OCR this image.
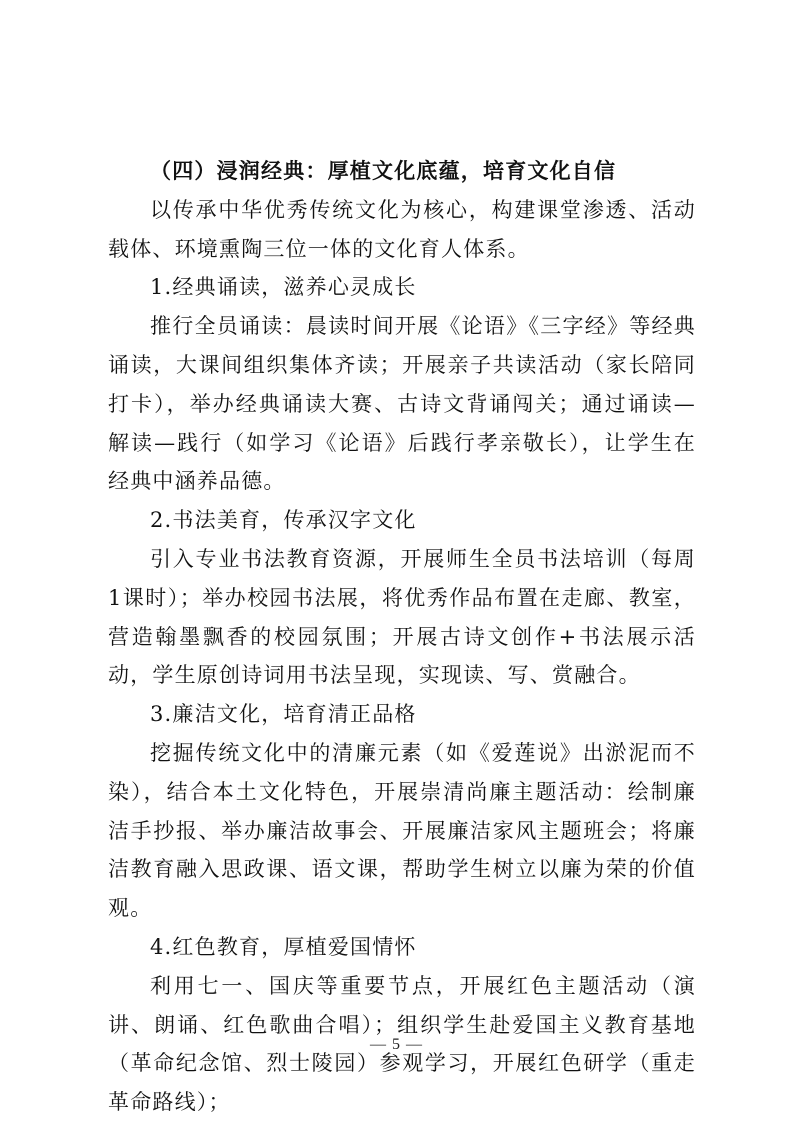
（四）浸润经典：厚植文化底蕴，培育文化自信

以传承中华优秀传统文化为核心，构建课堂渗透、活动载体、环境熏陶三位一体的文化育人体系。

1.经典诵读，滋养心灵成长

推行全员诵读：晨读时间开展《论语》《三字经》等经典诵读，大课间组织集体齐读；开展亲子共读活动（家长陪同打卡），举办经典诵读大赛、古诗文背诵闯关；通过诵读—解读—践行（如学习《论语》后践行孝亲敬长），让学生在经典中涵养品德。

2.书法美育，传承汉字文化

引入专业书法教育资源，开展师生全员书法培训（每周1课时）；举办校园书法展，将优秀作品布置在走廊、教室，营造翰墨飘香的校园氛围；开展古诗文创作+书法展示活动，学生原创诗词用书法呈现，实现读、写、赏融合。

3.廉洁文化，培育清正品格

挖掘传统文化中的清廉元素（如《爱莲说》出淤泥而不染），结合本土文化特色，开展崇清尚廉主题活动：绘制廉洁手抄报、举办廉洁故事会、开展廉洁家风主题班会；将廉洁教育融入思政课、语文课，帮助学生树立以廉为荣的价值观。

4.红色教育，厚植爱国情怀

利用七一、国庆等重要节点，开展红色主题活动（演讲、朗诵、红色歌曲合唱）；组织学生赴爱国主义教育基地（革命纪念馆、烈士陵园）参观学习，开展红色研学（重走革命路线）；

— 5 —
